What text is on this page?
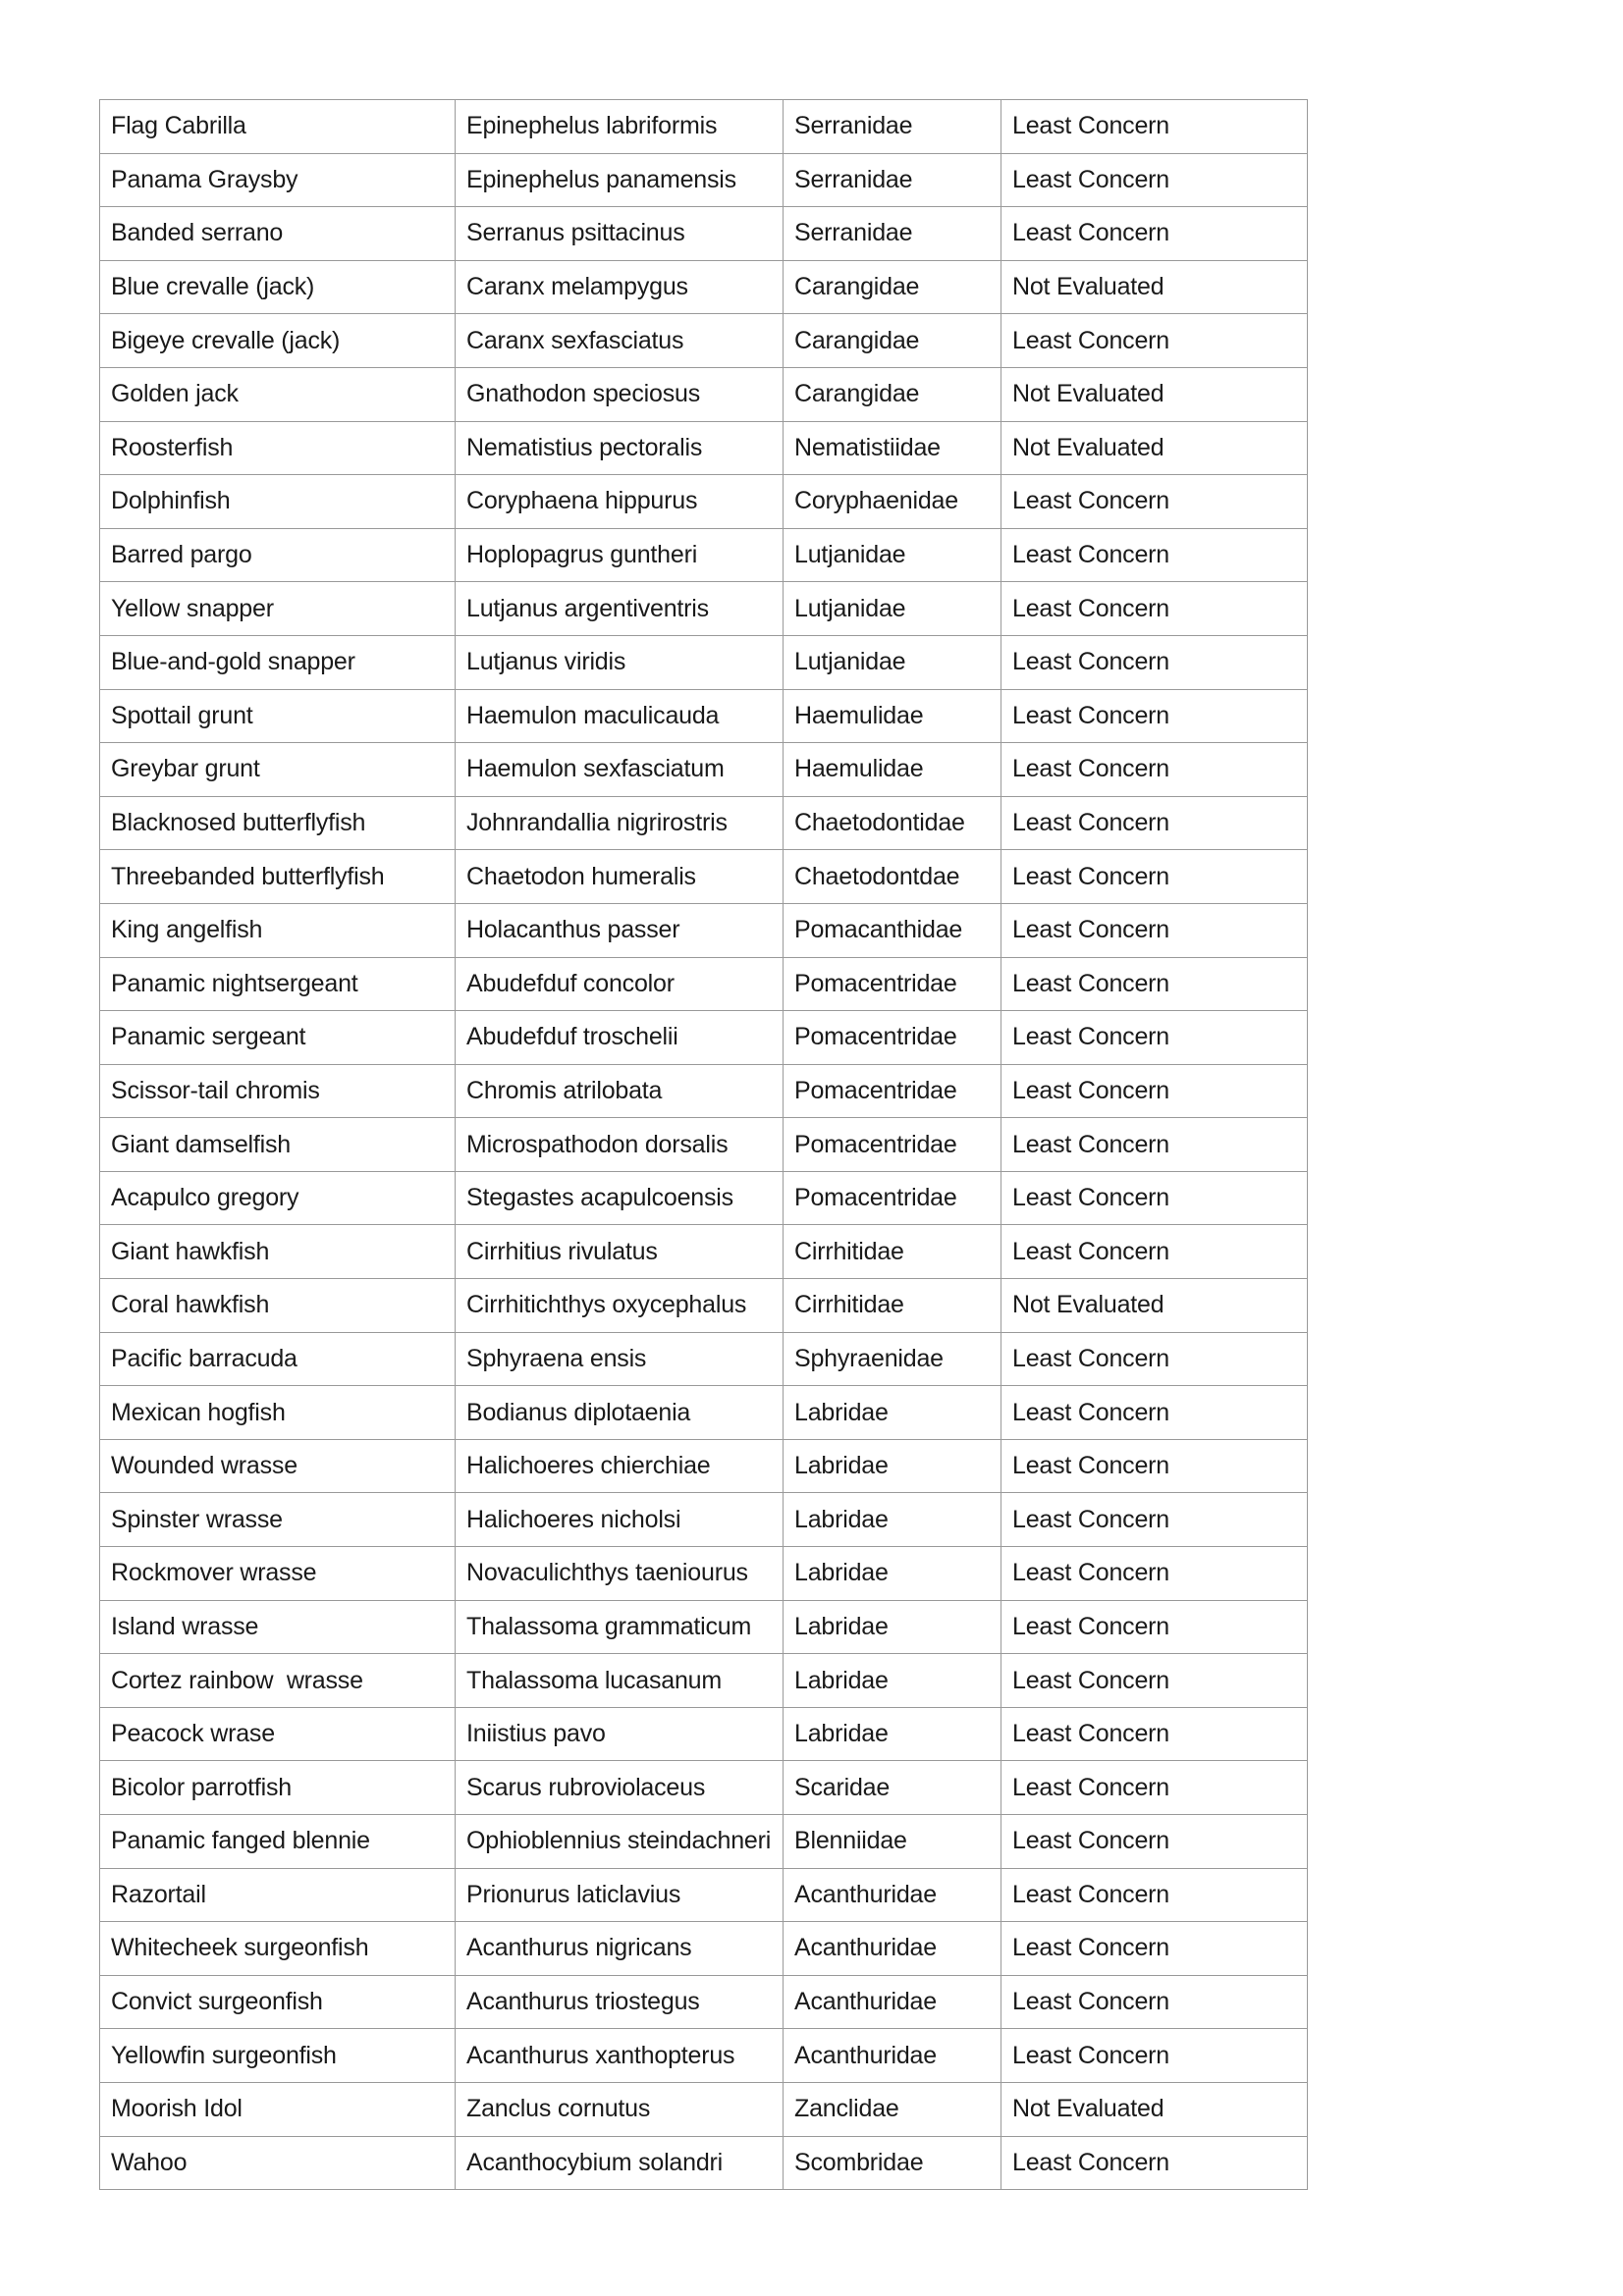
Flag Cabrilla	Epinephelus labriformis	Serranidae	Least Concern
Panama Graysby	Epinephelus panamensis	Serranidae	Least Concern
Banded serrano	Serranus psittacinus	Serranidae	Least Concern
Blue crevalle (jack)	Caranx melampygus	Carangidae	Not Evaluated
Bigeye crevalle (jack)	Caranx sexfasciatus	Carangidae	Least Concern
Golden jack	Gnathodon speciosus	Carangidae	Not Evaluated
Roosterfish	Nematistius pectoralis	Nematistiidae	Not Evaluated
Dolphinfish	Coryphaena hippurus	Coryphaenidae	Least Concern
Barred pargo	Hoplopagrus guntheri	Lutjanidae	Least Concern
Yellow snapper	Lutjanus argentiventris	Lutjanidae	Least Concern
Blue-and-gold snapper	Lutjanus viridis	Lutjanidae	Least Concern
Spottail grunt	Haemulon maculicauda	Haemulidae	Least Concern
Greybar grunt	Haemulon sexfasciatum	Haemulidae	Least Concern
Blacknosed butterflyfish	Johnrandallia nigrirostris	Chaetodontidae	Least Concern
Threebanded butterflyfish	Chaetodon humeralis	Chaetodontdae	Least Concern
King angelfish	Holacanthus passer	Pomacanthidae	Least Concern
Panamic nightsergeant	Abudefduf concolor	Pomacentridae	Least Concern
Panamic sergeant	Abudefduf troschelii	Pomacentridae	Least Concern
Scissor-tail chromis	Chromis atrilobata	Pomacentridae	Least Concern
Giant damselfish	Microspathodon dorsalis	Pomacentridae	Least Concern
Acapulco gregory	Stegastes acapulcoensis	Pomacentridae	Least Concern
Giant hawkfish	Cirrhitius rivulatus	Cirrhitidae	Least Concern
Coral hawkfish	Cirrhitichthys oxycephalus	Cirrhitidae	Not Evaluated
Pacific barracuda	Sphyraena ensis	Sphyraenidae	Least Concern
Mexican hogfish	Bodianus diplotaenia	Labridae	Least Concern
Wounded wrasse	Halichoeres chierchiae	Labridae	Least Concern
Spinster wrasse	Halichoeres nicholsi	Labridae	Least Concern
Rockmover wrasse	Novaculichthys taeniourus	Labridae	Least Concern
Island wrasse	Thalassoma grammaticum	Labridae	Least Concern
Cortez rainbow  wrasse	Thalassoma lucasanum	Labridae	Least Concern
Peacock wrase	Iniistius pavo	Labridae	Least Concern
Bicolor parrotfish	Scarus rubroviolaceus	Scaridae	Least Concern
Panamic fanged blennie	Ophioblennius steindachneri	Blenniidae	Least Concern
Razortail	Prionurus laticlavius	Acanthuridae	Least Concern
Whitecheek surgeonfish	Acanthurus nigricans	Acanthuridae	Least Concern
Convict surgeonfish	Acanthurus triostegus	Acanthuridae	Least Concern
Yellowfin surgeonfish	Acanthurus xanthopterus	Acanthuridae	Least Concern
Moorish Idol	Zanclus cornutus	Zanclidae	Not Evaluated
Wahoo	Acanthocybium solandri	Scombridae	Least Concern
